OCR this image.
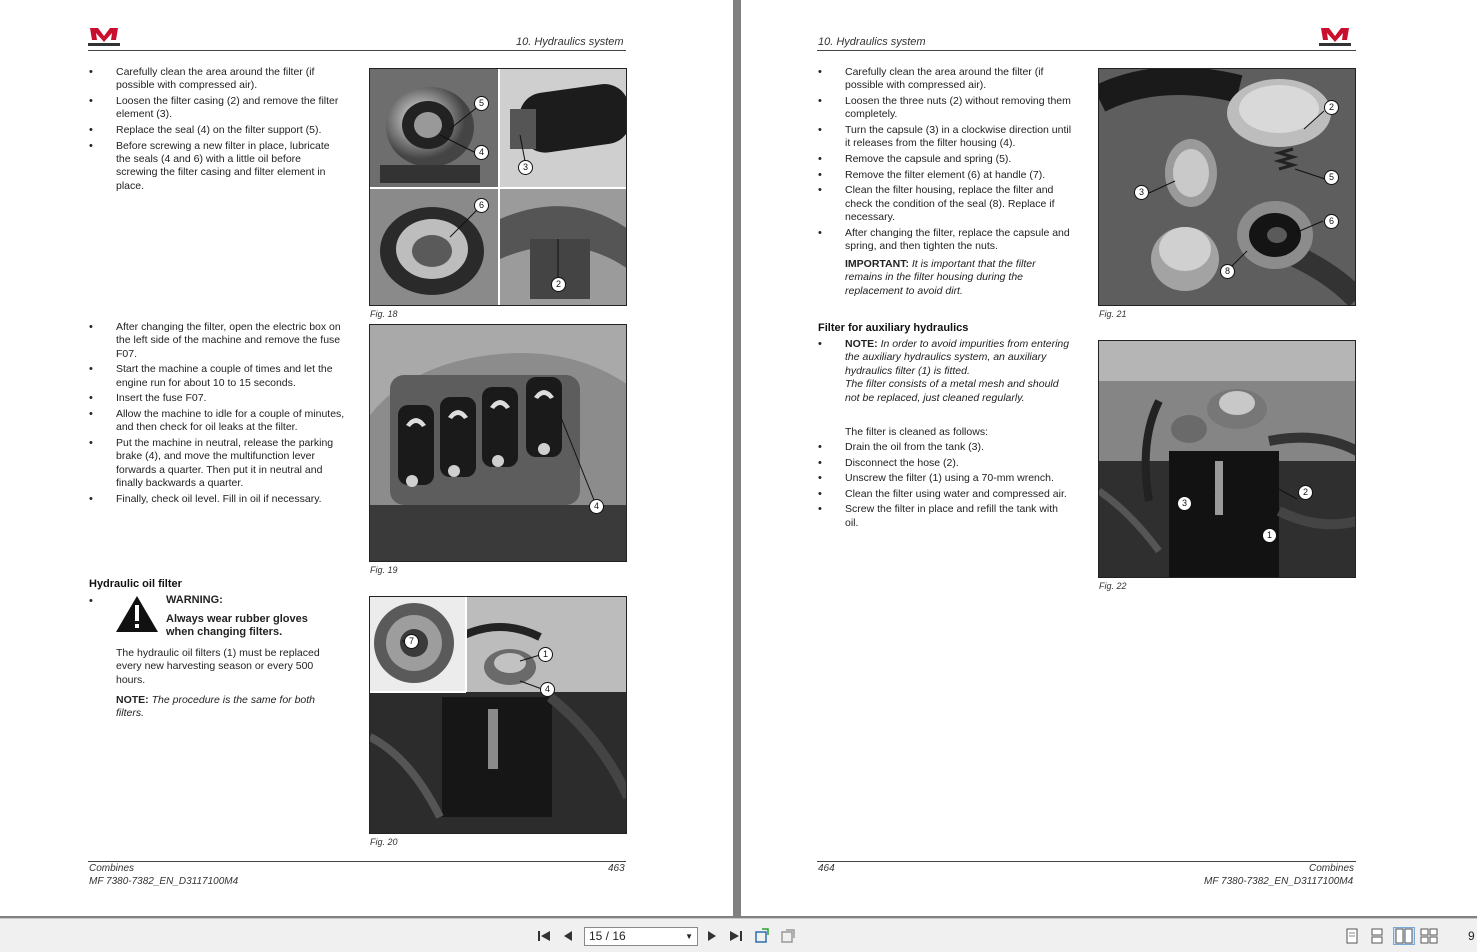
10. Hydraulics system
• Carefully clean the area around the filter (if possible with compressed air).
• Loosen the filter casing (2) and remove the filter element (3).
• Replace the seal (4) on the filter support (5).
• Before screwing a new filter in place, lubricate the seals (4 and 6) with a little oil before screwing the filter casing and filter element in place.
5
4
3
6
2
Fig. 18
• After changing the filter, open the electric box on the left side of the machine and remove the fuse F07.
• Start the machine a couple of times and let the engine run for about 10 to 15 seconds.
• Insert the fuse F07.
• Allow the machine to idle for a couple of minutes, and then check for oil leaks at the filter.
• Put the machine in neutral, release the parking brake (4), and move the multifunction lever forwards a quarter. Then put it in neutral and finally backwards a quarter.
• Finally, check oil level. Fill in oil if necessary.
4
Fig. 19
Hydraulic oil filter
•	WARNING:
Always wear rubber gloves when changing filters.
The hydraulic oil filters (1) must be replaced every new harvesting season or every 500 hours.
NOTE: The procedure is the same for both filters.
7
1
4
Fig. 20
Combines
MF 7380-7382_EN_D3117100M4
463
10. Hydraulics system
• Carefully clean the area around the filter (if possible with compressed air).
• Loosen the three nuts (2) without removing them completely.
• Turn the capsule (3) in a clockwise direction until it releases from the filter housing (4).
• Remove the capsule and spring (5).
• Remove the filter element (6) at handle (7).
• Clean the filter housing, replace the filter and check the condition of the seal (8). Replace if necessary.
• After changing the filter, replace the capsule and spring, and then tighten the nuts.
IMPORTANT: It is important that the filter remains in the filter housing during the replacement to avoid dirt.
2
5
3
6
8
Fig. 21
Filter for auxiliary hydraulics
• NOTE: In order to avoid impurities from entering the auxiliary hydraulics system, an auxiliary hydraulics filter (1) is fitted.
The filter consists of a metal mesh and should not be replaced, just cleaned regularly.
The filter is cleaned as follows:
• Drain the oil from the tank (3).
• Disconnect the hose (2).
• Unscrew the filter (1) using a 70-mm wrench.
• Clean the filter using water and compressed air.
• Screw the filter in place and refill the tank with oil.
3
2
1
Fig. 22
464	Combines
MF 7380-7382_EN_D3117100M4
15 / 16	▼	9
